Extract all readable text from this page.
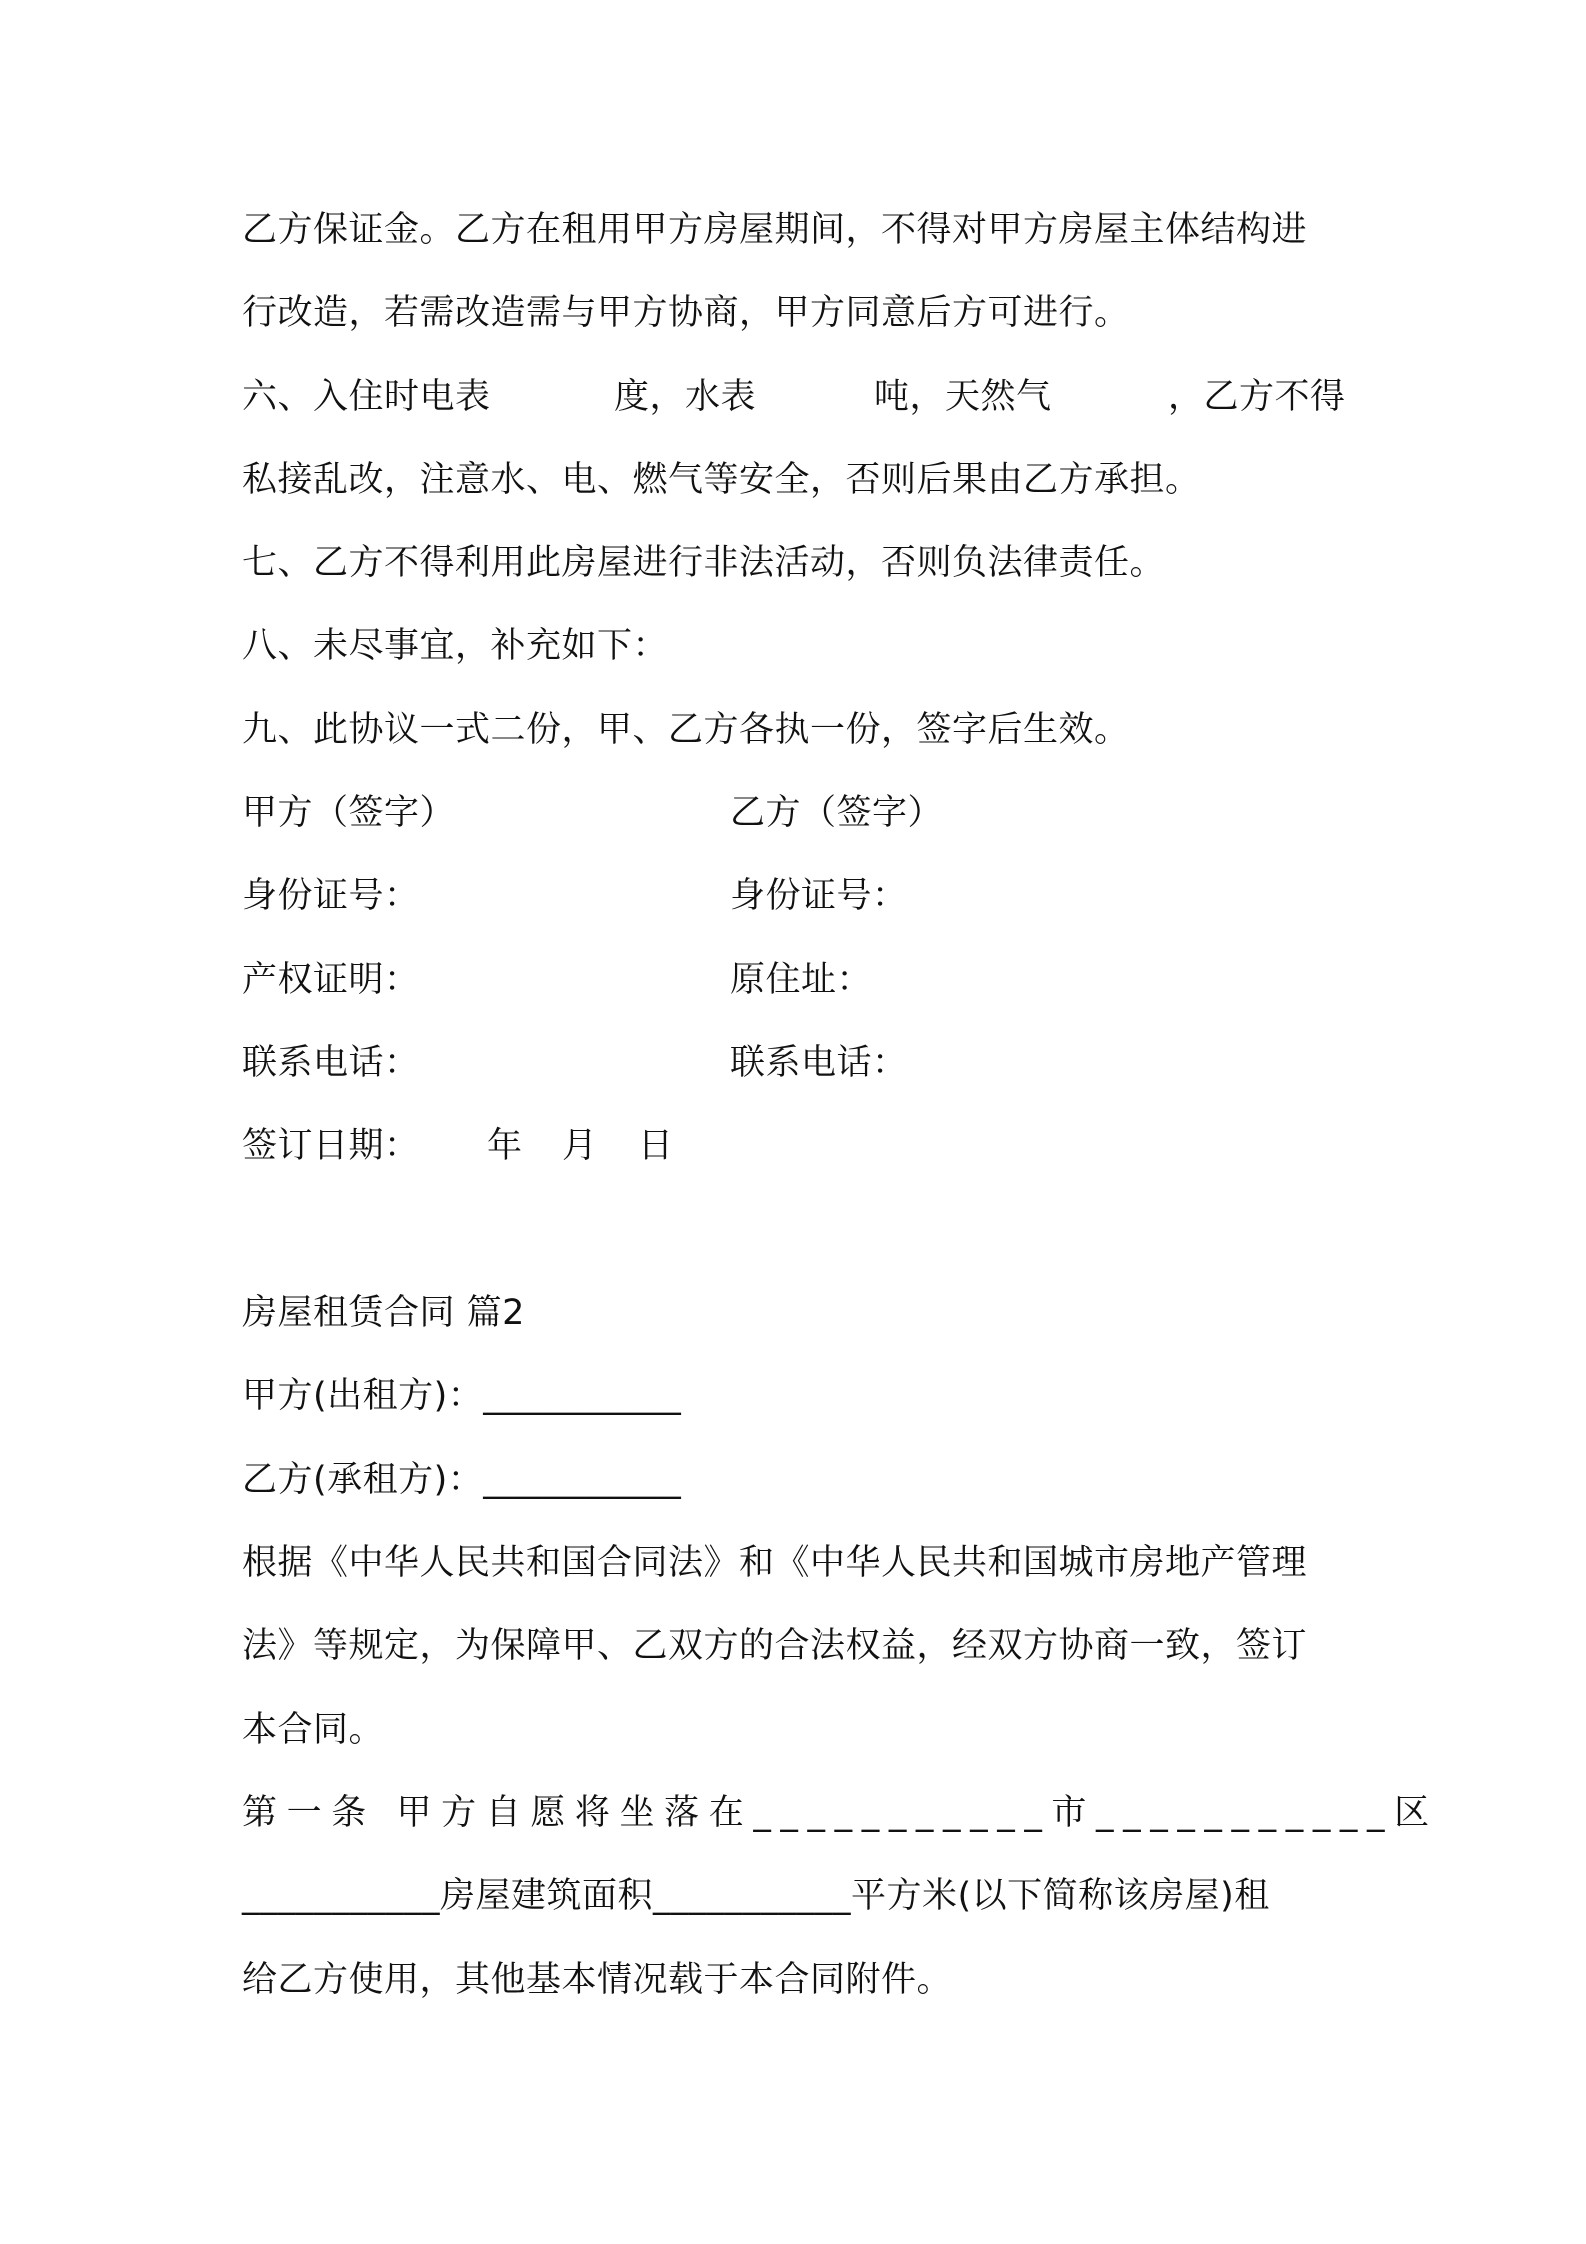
乙方保证金。乙方在租用甲方房屋期间，不得对甲方房屋主体结构进
行改造，若需改造需与甲方协商，甲方同意后方可进行。
六、入住时电表	度，水表	吨，天然气	，乙方不得
私接乱改，注意水、电、燃气等安全，否则后果由乙方承担。
七、乙方不得利用此房屋进行非法活动，否则负法律责任。
八、未尽事宜，补充如下：
九、此协议一式二份，甲、乙方各执一份，签字后生效。
甲方（签字）	乙方（签字）
身份证号：	身份证号：
产权证明：	原住址：
联系电话：	联系电话：
签订日期： 年 月 日
房屋租赁合同 篇2
甲方(出租方)：___________
乙方(承租方)：___________
根据《中华人民共和国合同法》和《中华人民共和国城市房地产管理
法》等规定，为保障甲、乙双方的合法权益，经双方协商一致，签订
本合同。
第一条 甲方自愿将坐落在___________市___________区
___________房屋建筑面积___________平方米(以下简称该房屋)租
给乙方使用，其他基本情况载于本合同附件。
